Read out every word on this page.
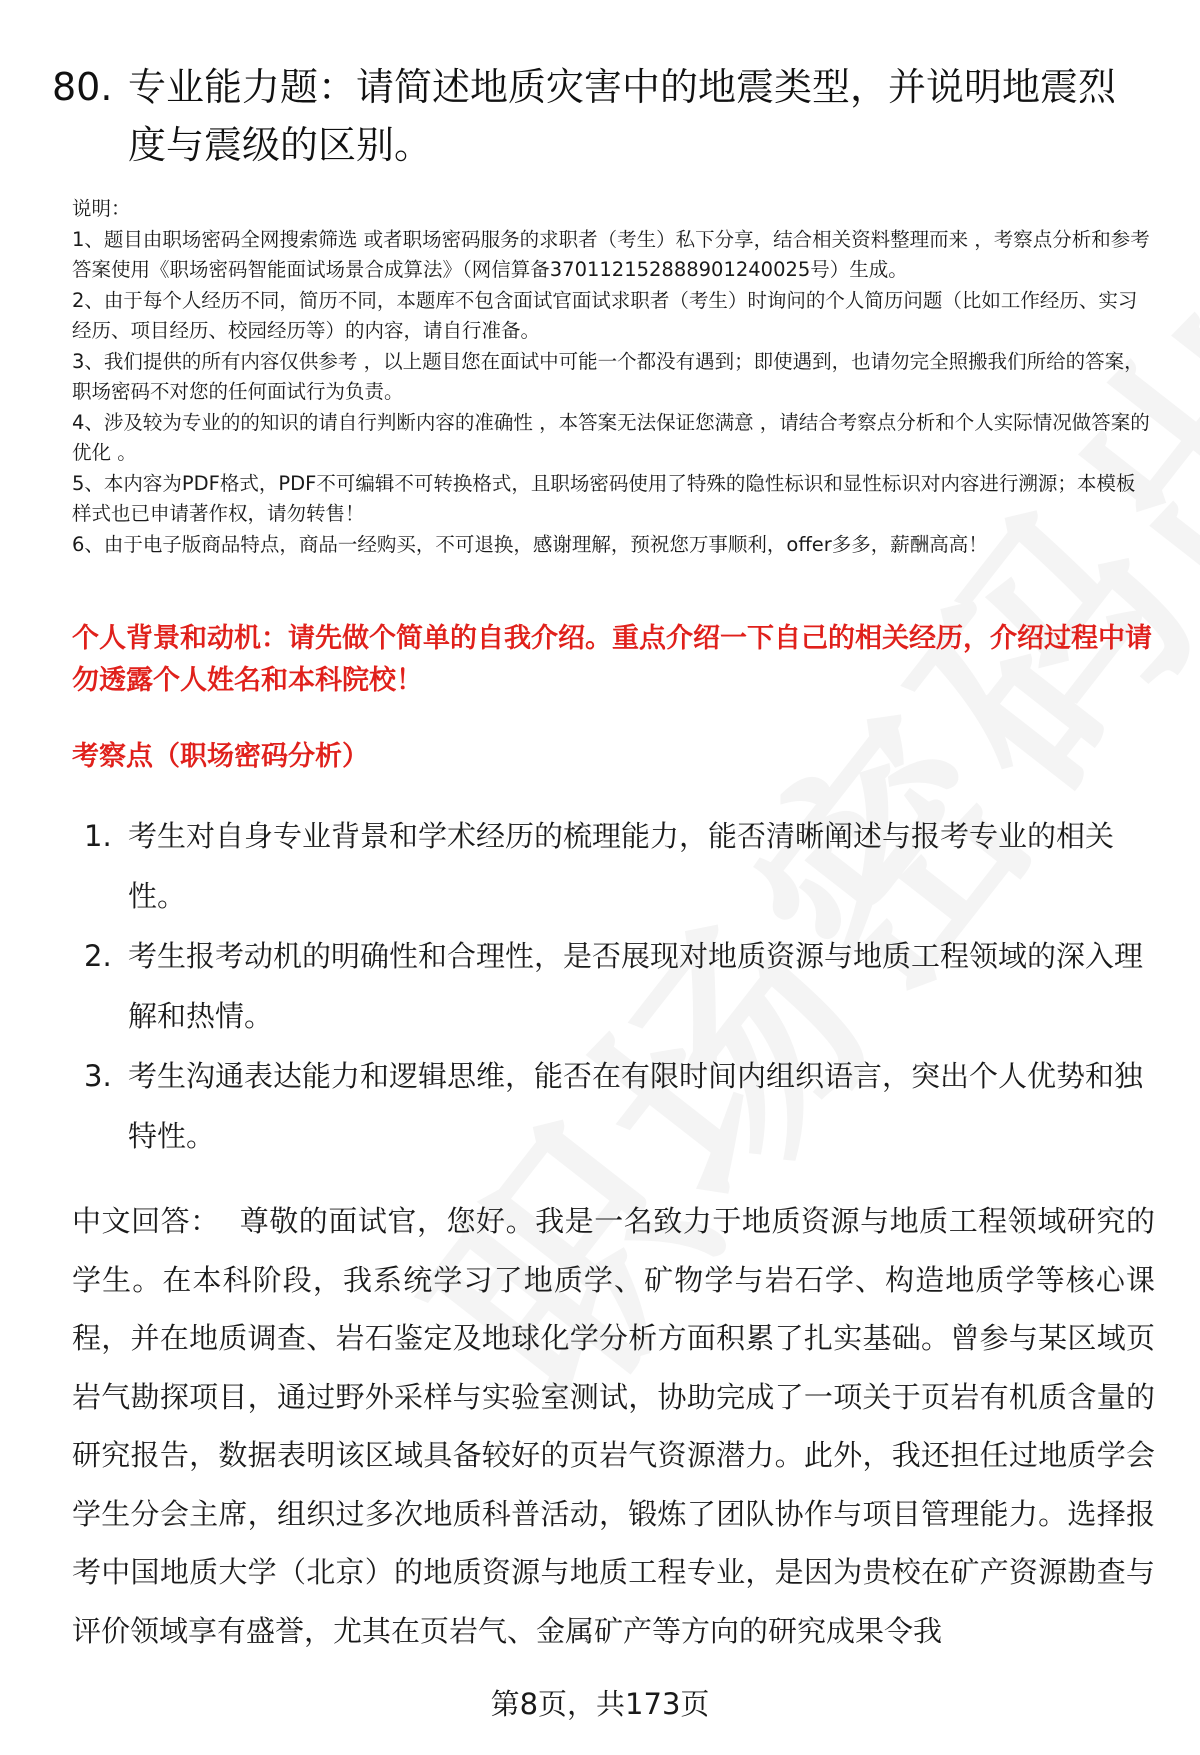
80. 专业能力题：请简述地质灾害中的地震类型，并说明地震烈度与震级的区别。

说明：

1、题目由职场密码全网搜索筛选 或者职场密码服务的求职者（考生）私下分享，结合相关资料整理而来 ，考察点分析和参考答案使用《职场密码智能面试场景合成算法》（网信算备370112152888901240025号）生成。

2、由于每个人经历不同，简历不同，本题库不包含面试官面试求职者（考生）时询问的个人简历问题（比如工作经历、实习经历、项目经历、校园经历等）的内容，请自行准备。

3、我们提供的所有内容仅供参考 ，以上题目您在面试中可能一个都没有遇到；即使遇到，也请勿完全照搬我们所给的答案，职场密码不对您的任何面试行为负责。

4、涉及较为专业的的知识的请自行判断内容的准确性 ，本答案无法保证您满意 ，请结合考察点分析和个人实际情况做答案的优化 。

5、本内容为PDF格式，PDF不可编辑不可转换格式，且职场密码使用了特殊的隐性标识和显性标识对内容进行溯源；本模板样式也已申请著作权，请勿转售！

6、由于电子版商品特点，商品一经购买，不可退换，感谢理解，预祝您万事顺利，offer多多，薪酬高高！

个人背景和动机：请先做个简单的自我介绍。重点介绍一下自己的相关经历，介绍过程中请勿透露个人姓名和本科院校！
考察点（职场密码分析）
1. 考生对自身专业背景和学术经历的梳理能力，能否清晰阐述与报考专业的相关性。
2. 考生报考动机的明确性和合理性，是否展现对地质资源与地质工程领域的深入理解和热情。
3. 考生沟通表达能力和逻辑思维，能否在有限时间内组织语言，突出个人优势和独特性。
中文回答： 尊敬的面试官，您好。我是一名致力于地质资源与地质工程领域研究的学生。在本科阶段，我系统学习了地质学、矿物学与岩石学、构造地质学等核心课程，并在地质调查、岩石鉴定及地球化学分析方面积累了扎实基础。曾参与某区域页岩气勘探项目，通过野外采样与实验室测试，协助完成了一项关于页岩有机质含量的研究报告，数据表明该区域具备较好的页岩气资源潜力。此外，我还担任过地质学会学生分会主席，组织过多次地质科普活动，锻炼了团队协作与项目管理能力。选择报考中国地质大学（北京）的地质资源与地质工程专业，是因为贵校在矿产资源勘查与评价领域享有盛誉，尤其在页岩气、金属矿产等方向的研究成果令我
第8页，共173页
